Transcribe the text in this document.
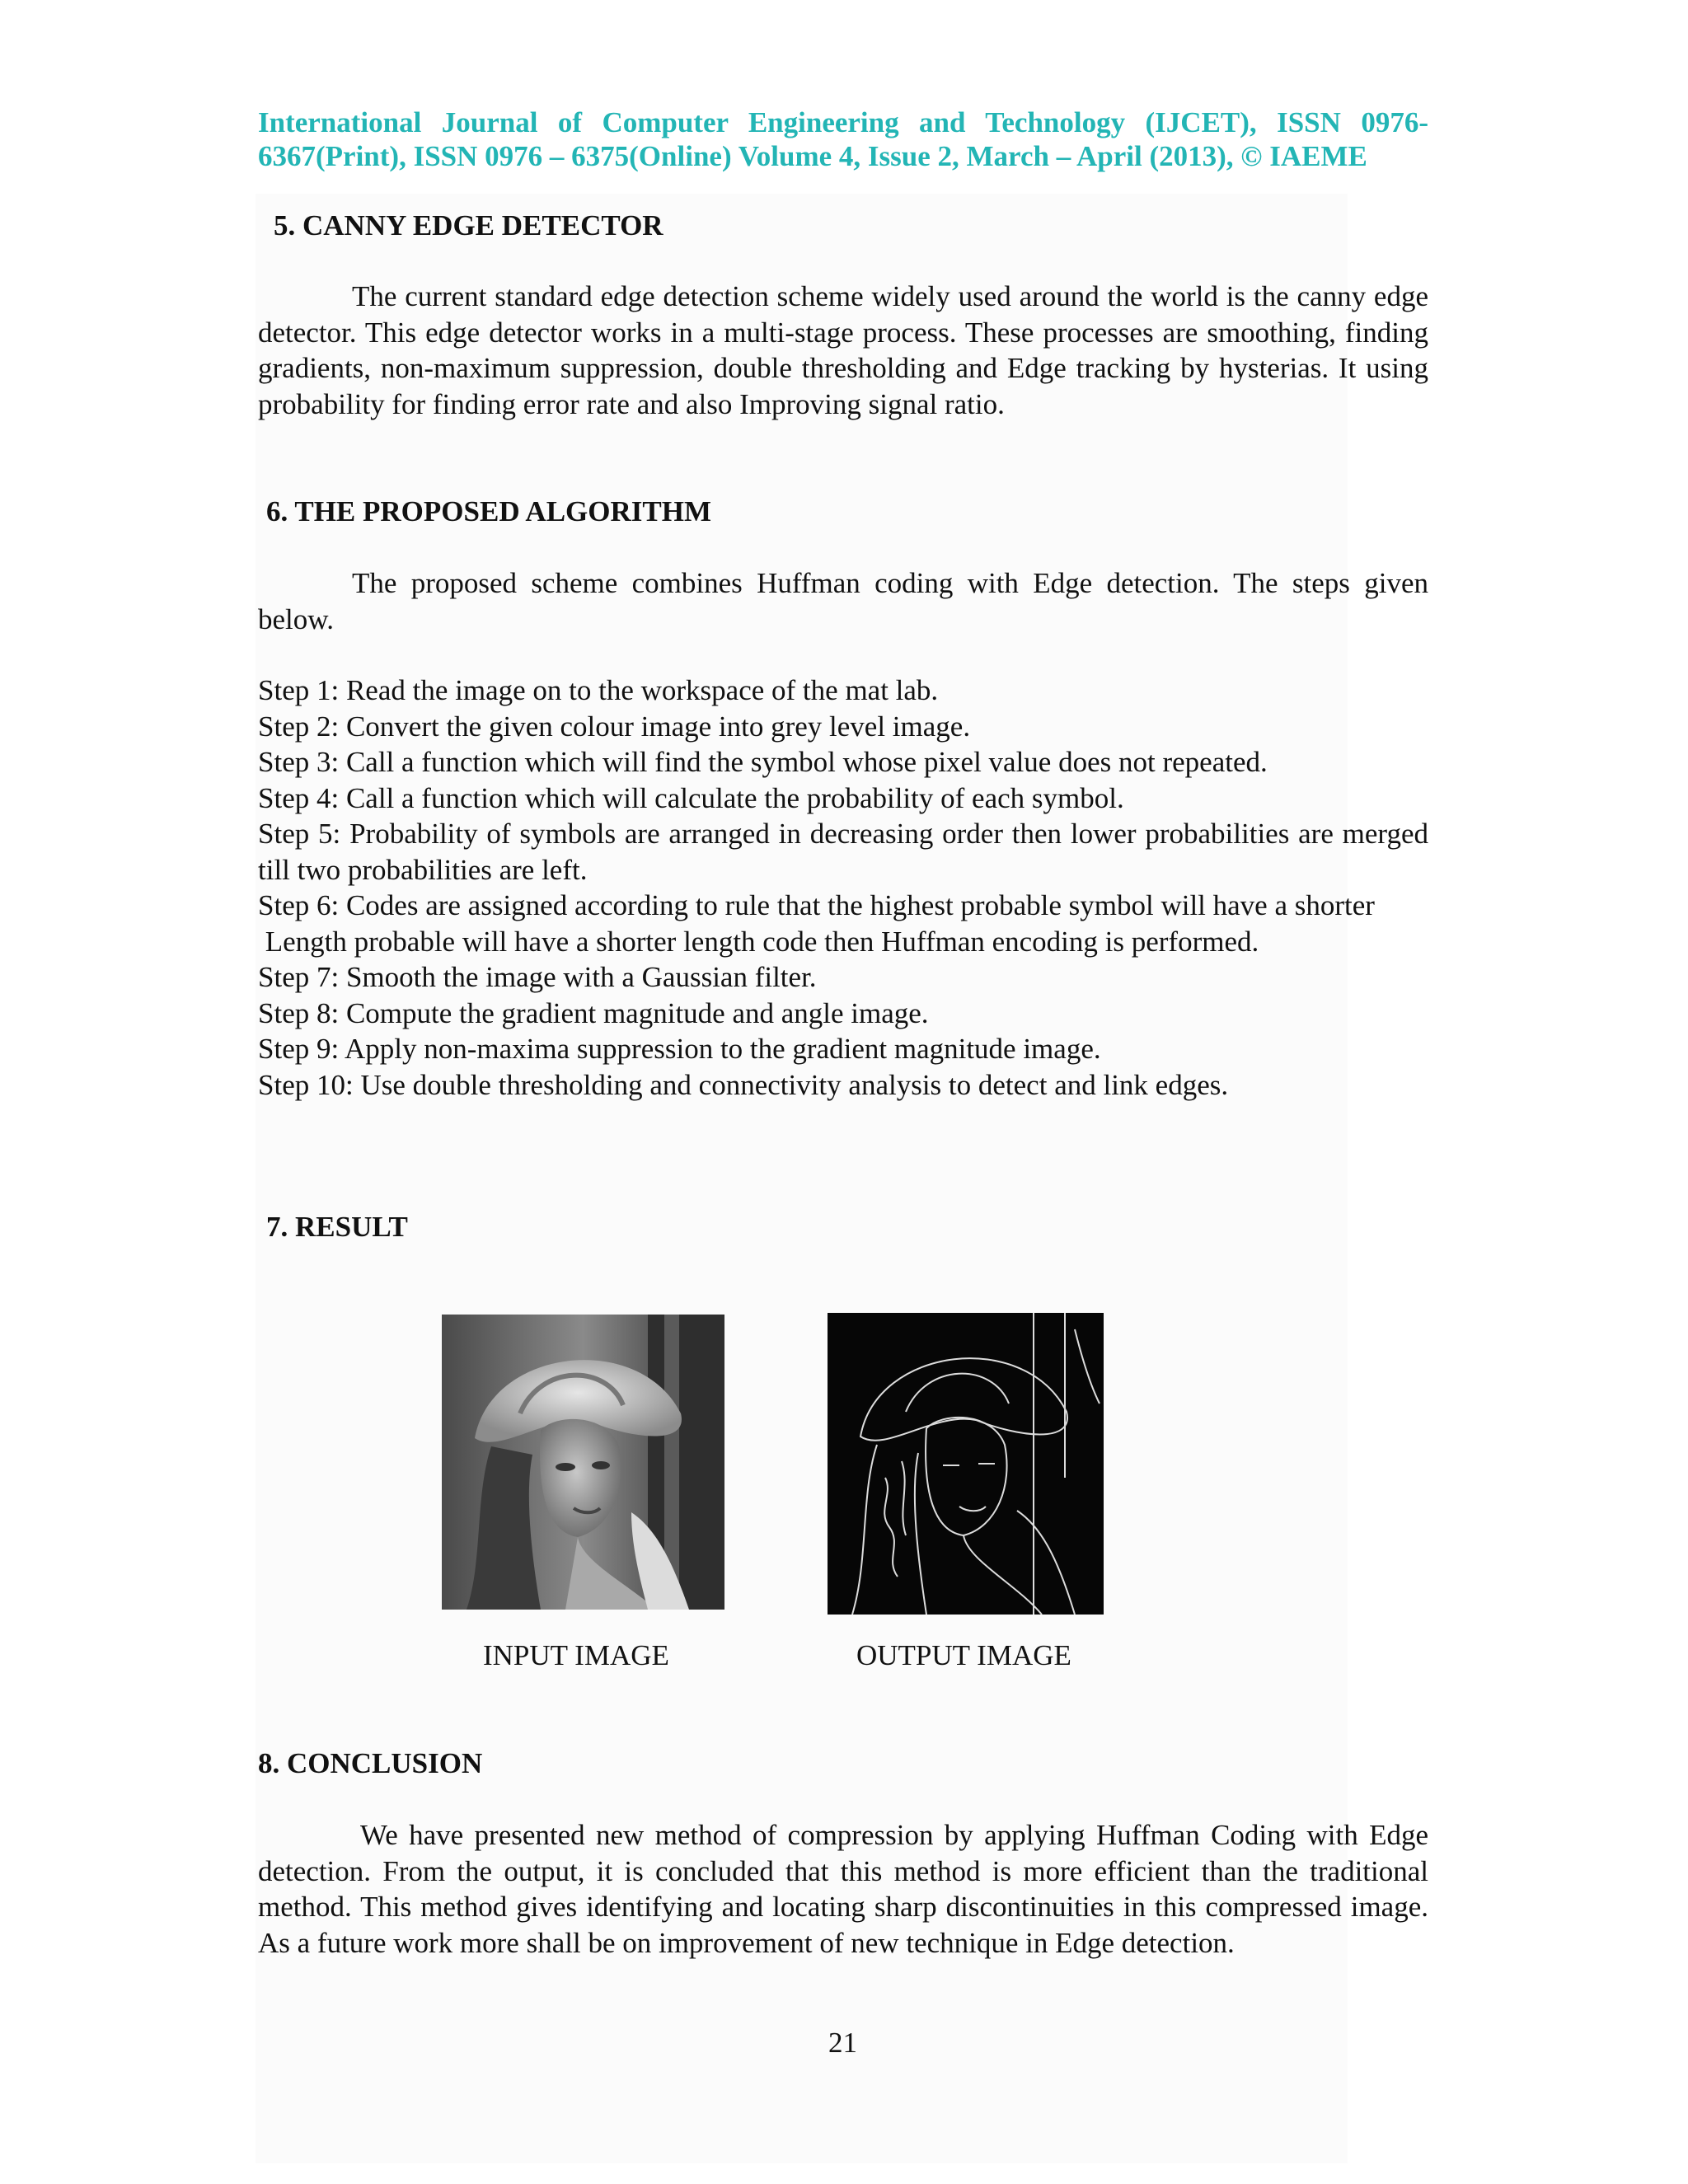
International Journal of Computer Engineering and Technology (IJCET), ISSN 0976-
6367(Print), ISSN 0976 – 6375(Online) Volume 4, Issue 2, March – April (2013), © IAEME
5. CANNY EDGE DETECTOR
The current standard edge detection scheme widely used around the world is the canny edge detector. This edge detector works in a multi-stage process. These processes are smoothing, finding gradients, non-maximum suppression, double thresholding and Edge tracking by hysterias. It using probability for finding error rate and also Improving signal ratio.
6. THE PROPOSED ALGORITHM
The proposed scheme combines Huffman coding with Edge detection. The steps given below.
Step 1: Read the image on to the workspace of the mat lab.
Step 2: Convert the given colour image into grey level image.
Step 3: Call a function which will find the symbol whose pixel value does not repeated.
Step 4: Call a function which will calculate the probability of each symbol.
Step 5: Probability of symbols are arranged in decreasing order then lower probabilities are merged till two probabilities are left.
Step 6: Codes are assigned according to rule that the highest probable symbol will have a shorter
Length probable will have a shorter length code then Huffman encoding is performed.
Step 7: Smooth the image with a Gaussian filter.
Step 8: Compute the gradient magnitude and angle image.
Step 9: Apply non-maxima suppression to the gradient magnitude image.
Step 10: Use double thresholding and connectivity analysis to detect and link edges.
7. RESULT
INPUT IMAGE	OUTPUT IMAGE
8. CONCLUSION
We have presented new method of compression by applying Huffman Coding with Edge detection. From the output, it is concluded that this method is more efficient than the traditional method. This method gives identifying and locating sharp discontinuities in this compressed image. As a future work more shall be on improvement of new technique in Edge detection.
21
